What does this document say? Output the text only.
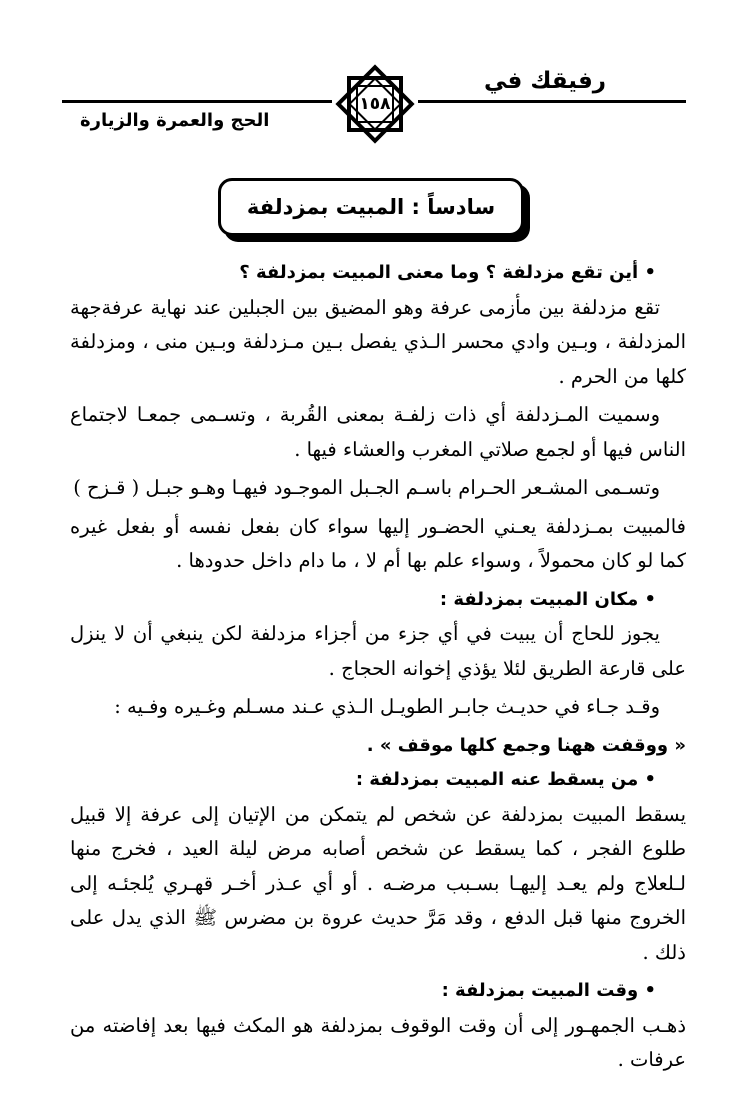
رفيقك في
الحج والعمرة والزيارة
١٥٨
سادساً : المبيت بمزدلفة

• أين تقع مزدلفة ؟ وما معنى المبيت بمزدلفة ؟

تقع مزدلفة بين مأزمى عرفة وهو المضيق بين الجبلين عند نهاية عرفةجهة المزدلفة ، وبـين وادي محسر الـذي يفصل بـين مـزدلفة وبـين منى ، ومزدلفة كلها من الحرم .

وسميت المـزدلفة أي ذات زلفـة بمعنى القُربة ، وتسـمى جمعـا لاجتماع الناس فيها أو لجمع صلاتي المغرب والعشاء فيها .

وتسـمى المشـعر الحـرام باسـم الجـبل الموجـود فيهـا وهـو جبـل ( قـزح )

فالمبيت بمـزدلفة يعـني الحضـور إليها سواء كان بفعل نفسه أو بفعل غيره كما لو كان محمولاً ، وسواء علم بها أم لا ، ما دام داخل حدودها .

• مكان المبيت بمزدلفة :

يجوز للحاج أن يبيت في أي جزء من أجزاء مزدلفة لكن ينبغي أن لا ينزل على قارعة الطريق لئلا يؤذي إخوانه الحجاج .

وقـد جـاء في حديـث جابـر الطويـل الـذي عـند مسـلم وغـيره وفـيه :

« ووقفت ههنا وجمع كلها موقف » .

• من يسقط عنه المبيت بمزدلفة :

يسقط المبيت بمزدلفة عن شخص لم يتمكن من الإتيان إلى عرفة إلا قبيل طلوع الفجر ، كما يسقط عن شخص أصابه مرض ليلة العيد ، فخرج منها لـلعلاج ولم يعـد إليهـا بسـبب مرضـه . أو أي عـذر أخـر قهـري يُلجئـه إلى الخروج منها قبل الدفع ، وقد مَرَّ حديث عروة بن مضرس ﷺ الذي يدل على ذلك .

• وقت المبيت بمزدلفة :

ذهـب الجمهـور إلى أن وقت الوقوف بمزدلفة هو المكث فيها بعد إفاضته من عرفات .
